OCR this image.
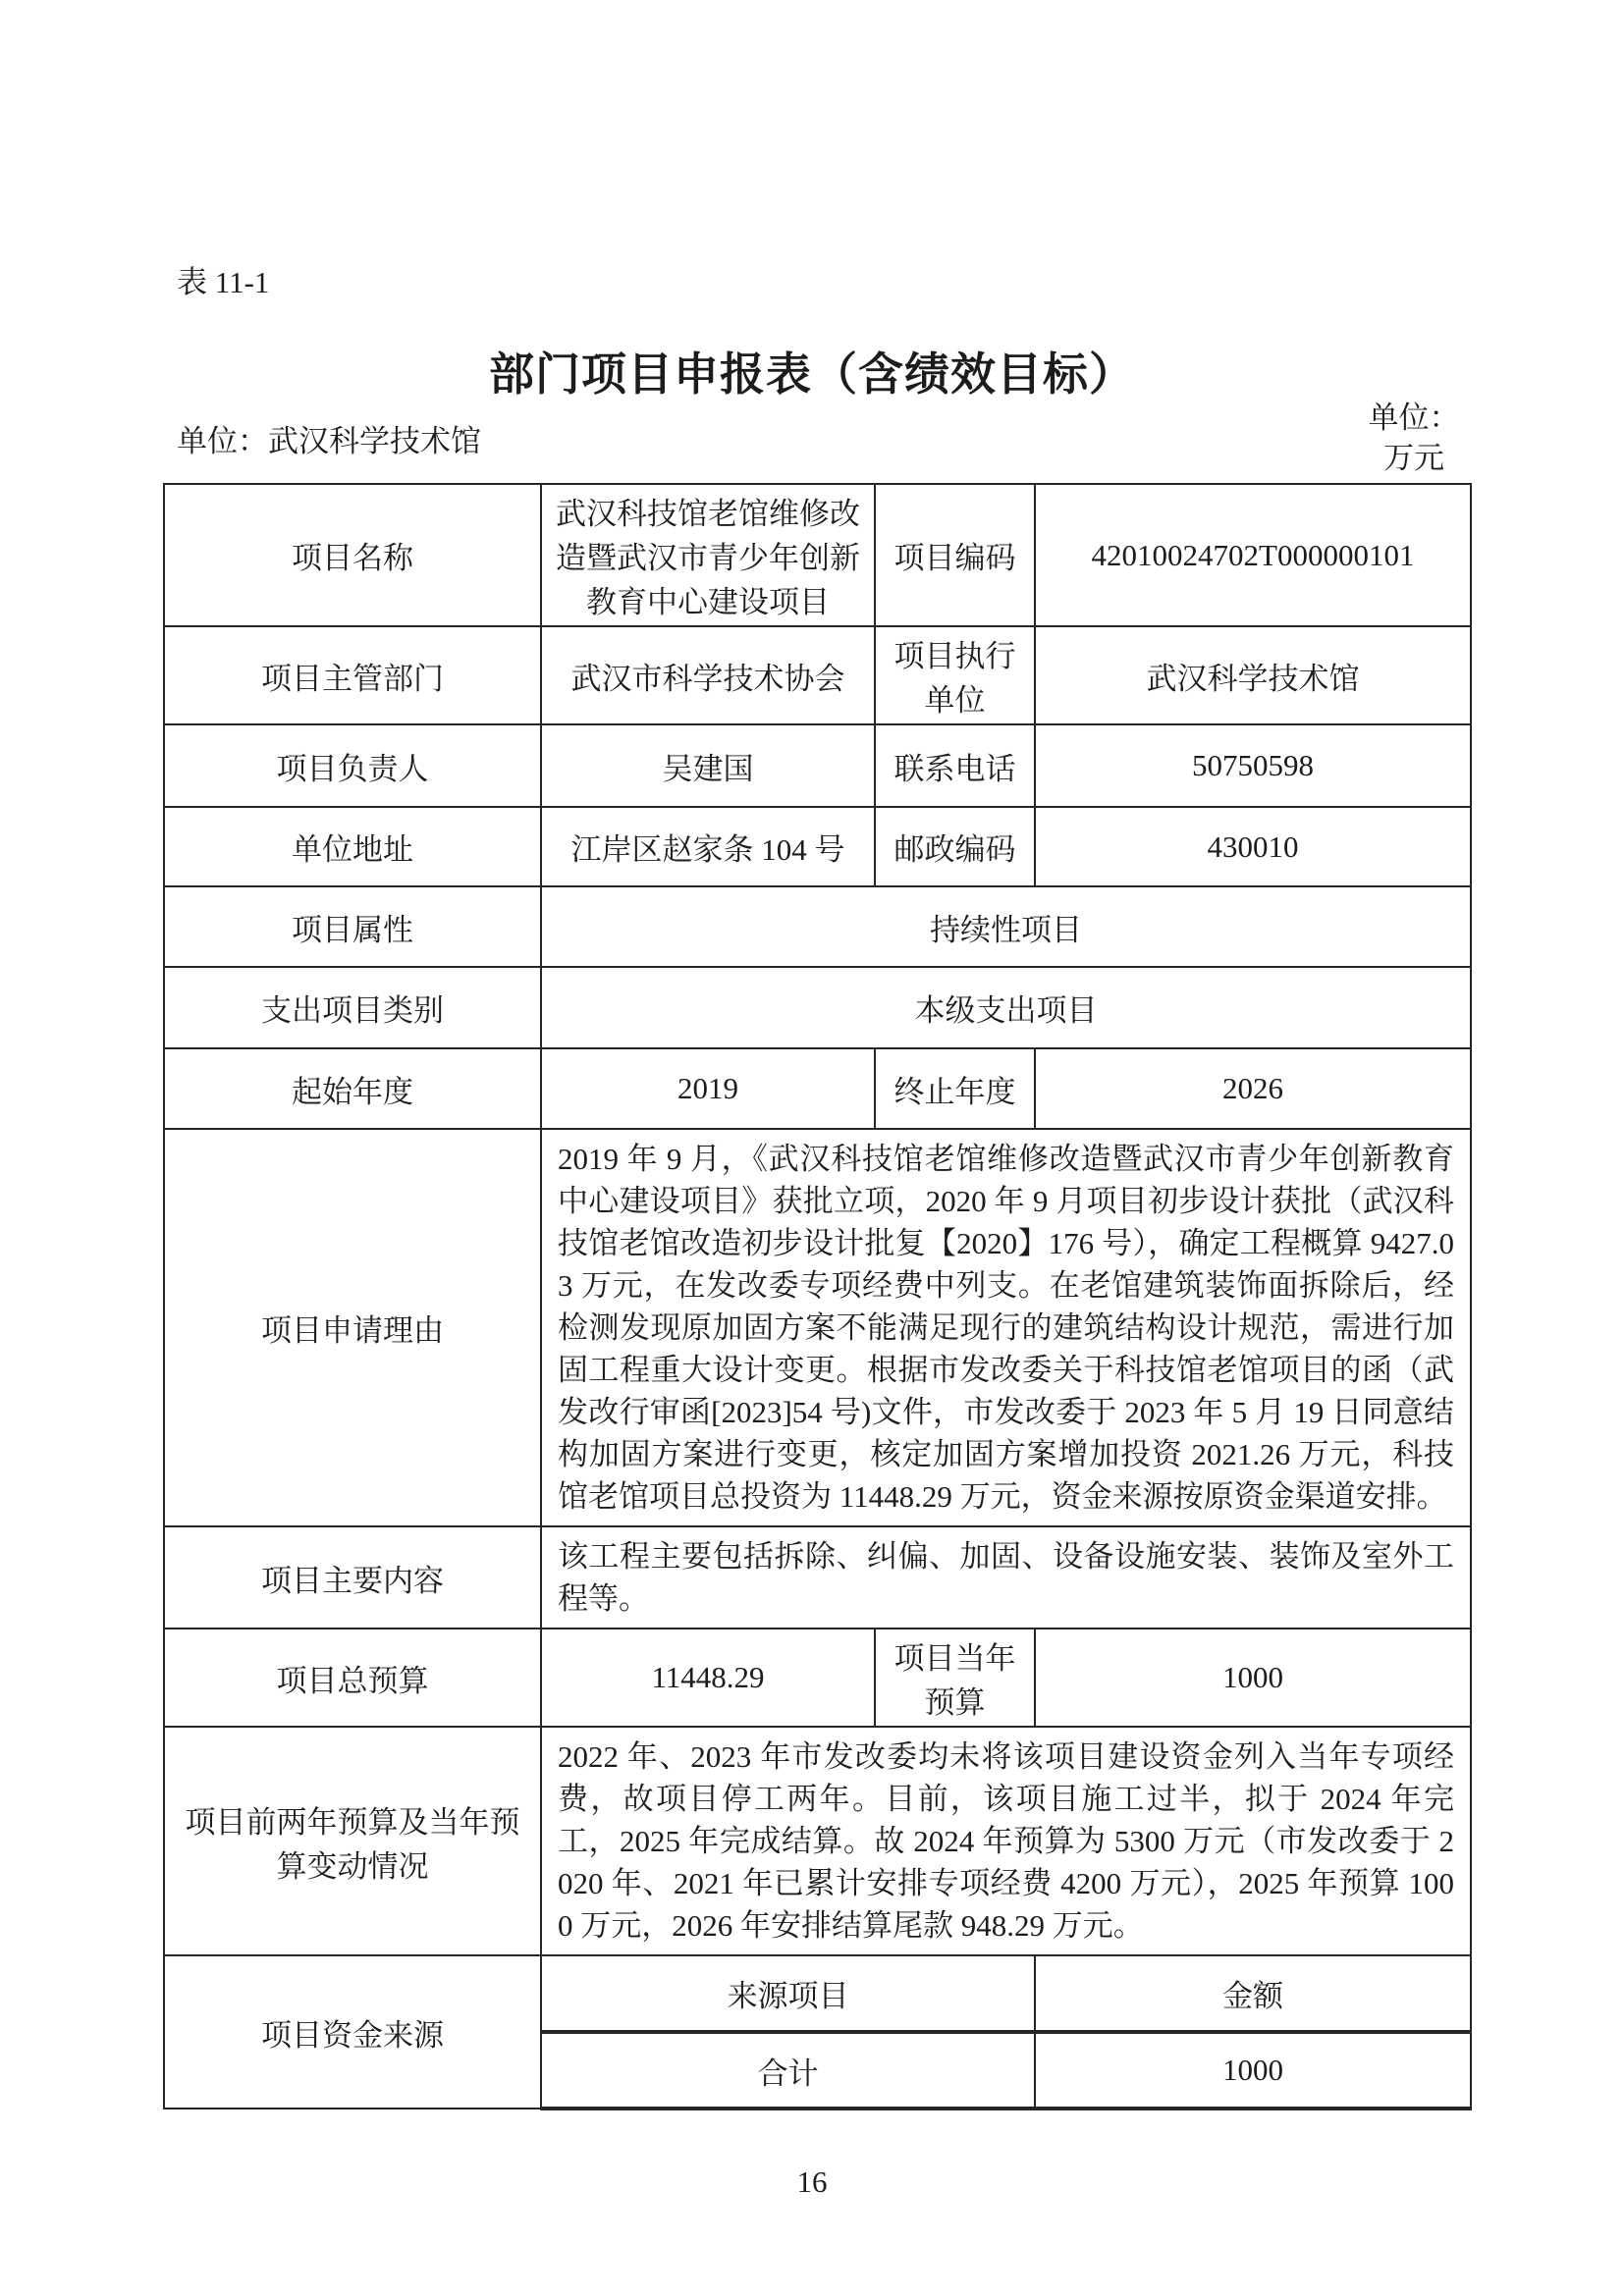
表 11-1
部门项目申报表（含绩效目标）
单位：武汉科学技术馆
单位：万元
项目名称	武汉科技馆老馆维修改造暨武汉市青少年创新教育中心建设项目	项目编码	42010024702T000000101
项目主管部门	武汉市科学技术协会	项目执行单位	武汉科学技术馆
项目负责人	吴建国	联系电话	50750598
单位地址	江岸区赵家条 104 号	邮政编码	430010
项目属性	持续性项目		
支出项目类别	本级支出项目		
起始年度	2019	终止年度	2026
项目申请理由	2019 年 9 月，《武汉科技馆老馆维修改造暨武汉市青少年创新教育中心建设项目》获批立项，2020 年 9 月项目初步设计获批（武汉科技馆老馆改造初步设计批复【2020】176 号），确定工程概算 9427.03 万元，在发改委专项经费中列支。在老馆建筑装饰面拆除后，经检测发现原加固方案不能满足现行的建筑结构设计规范，需进行加固工程重大设计变更。根据市发改委关于科技馆老馆项目的函（武发改行审函[2023]54 号)文件，市发改委于 2023 年 5 月 19 日同意结构加固方案进行变更，核定加固方案增加投资 2021.26 万元，科技馆老馆项目总投资为 11448.29 万元，资金来源按原资金渠道安排。		
项目主要内容	该工程主要包括拆除、纠偏、加固、设备设施安装、装饰及室外工程等。		
项目总预算	11448.29	项目当年预算	1000
项目前两年预算及当年预算变动情况	2022 年、2023 年市发改委均未将该项目建设资金列入当年专项经费，故项目停工两年。目前，该项目施工过半，拟于 2024 年完工，2025 年完成结算。故 2024 年预算为 5300 万元（市发改委于 2020 年、2021 年已累计安排专项经费 4200 万元），2025 年预算 1000 万元，2026 年安排结算尾款 948.29 万元。		
项目资金来源	来源项目		金额
	合计		1000
16
